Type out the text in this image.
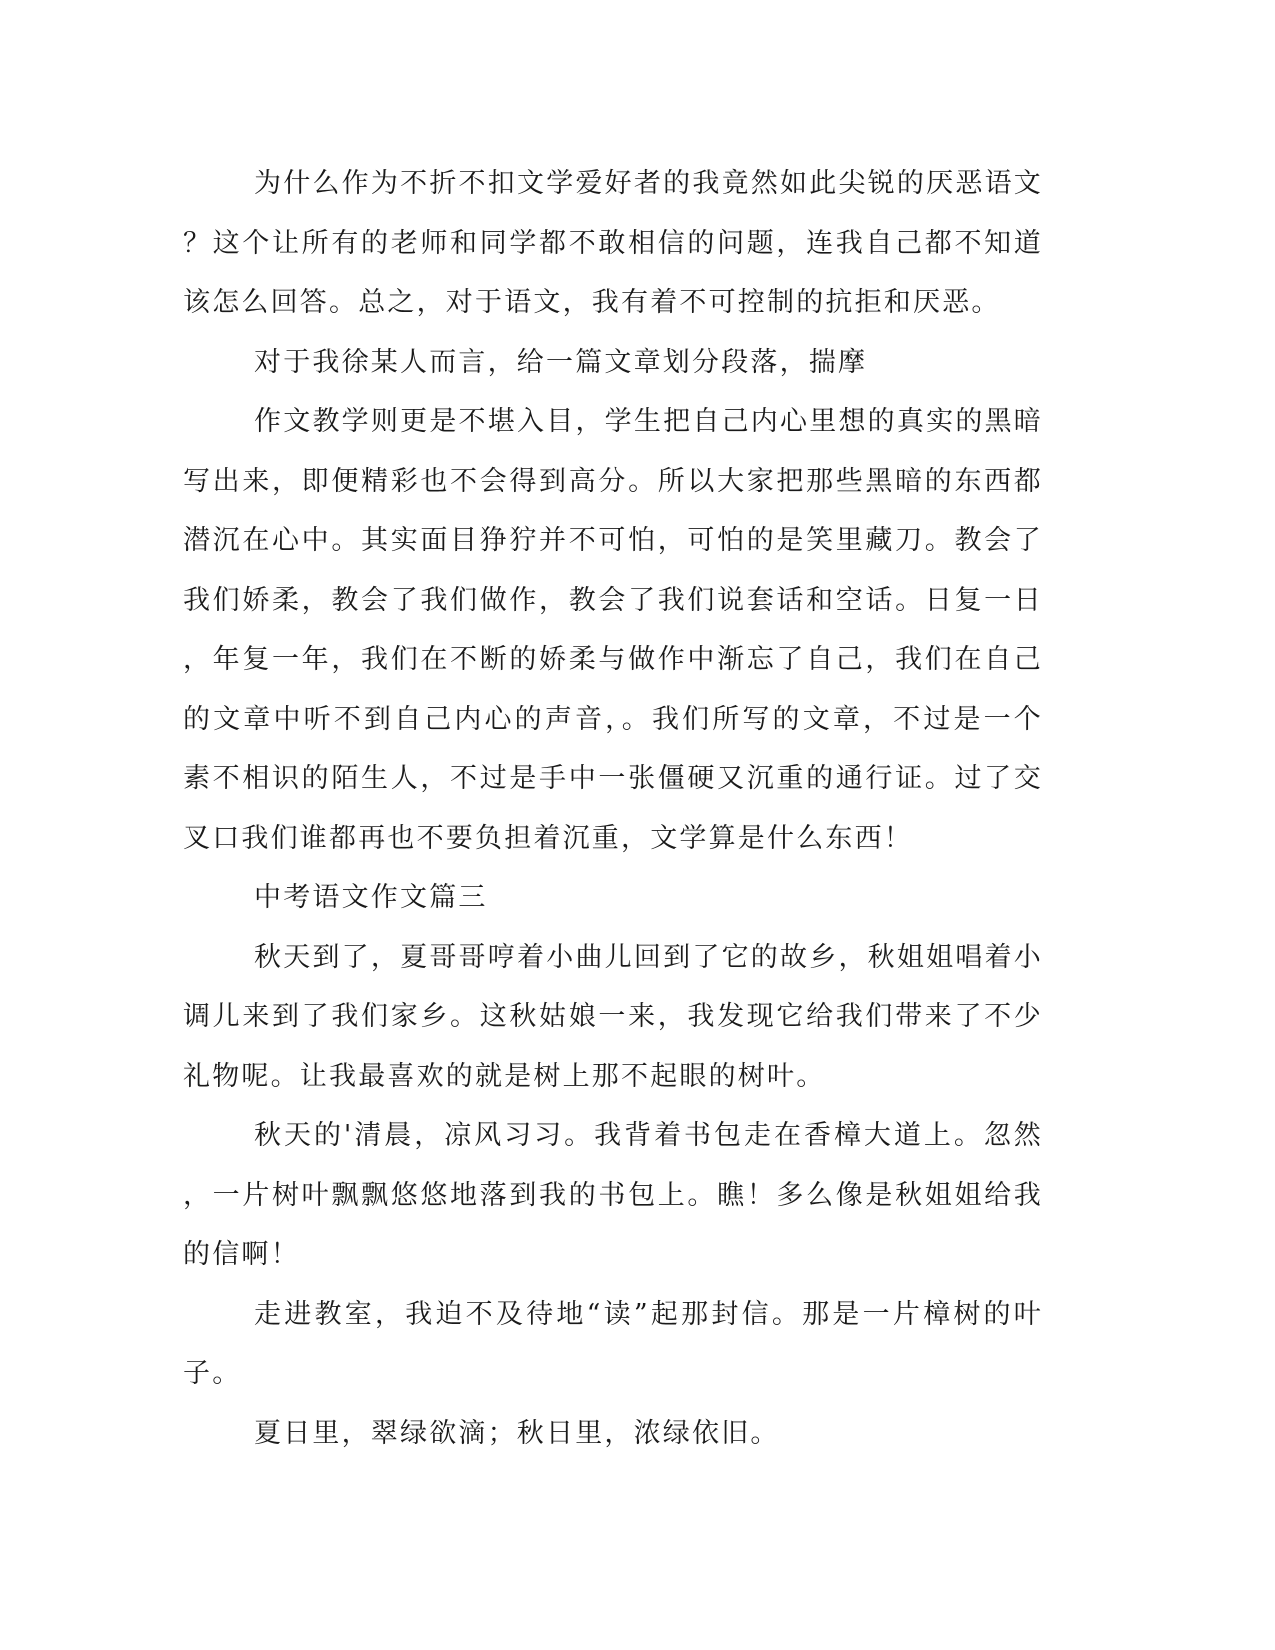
为什么作为不折不扣文学爱好者的我竟然如此尖锐的厌恶语文？这个让所有的老师和同学都不敢相信的问题，连我自己都不知道该怎么回答。总之，对于语文，我有着不可控制的抗拒和厌恶。

对于我徐某人而言，给一篇文章划分段落，揣摩

作文教学则更是不堪入目，学生把自己内心里想的真实的黑暗写出来，即便精彩也不会得到高分。所以大家把那些黑暗的东西都潜沉在心中。其实面目狰狞并不可怕，可怕的是笑里藏刀。教会了我们娇柔，教会了我们做作，教会了我们说套话和空话。日复一日，年复一年，我们在不断的娇柔与做作中渐忘了自己，我们在自己的文章中听不到自己内心的声音，。我们所写的文章，不过是一个素不相识的陌生人，不过是手中一张僵硬又沉重的通行证。过了交叉口我们谁都再也不要负担着沉重，文学算是什么东西！

中考语文作文篇三

秋天到了，夏哥哥哼着小曲儿回到了它的故乡，秋姐姐唱着小调儿来到了我们家乡。这秋姑娘一来，我发现它给我们带来了不少礼物呢。让我最喜欢的就是树上那不起眼的树叶。

秋天的'清晨，凉风习习。我背着书包走在香樟大道上。忽然，一片树叶飘飘悠悠地落到我的书包上。瞧！多么像是秋姐姐给我的信啊！

走进教室，我迫不及待地“读”起那封信。那是一片樟树的叶子。

夏日里，翠绿欲滴；秋日里，浓绿依旧。
